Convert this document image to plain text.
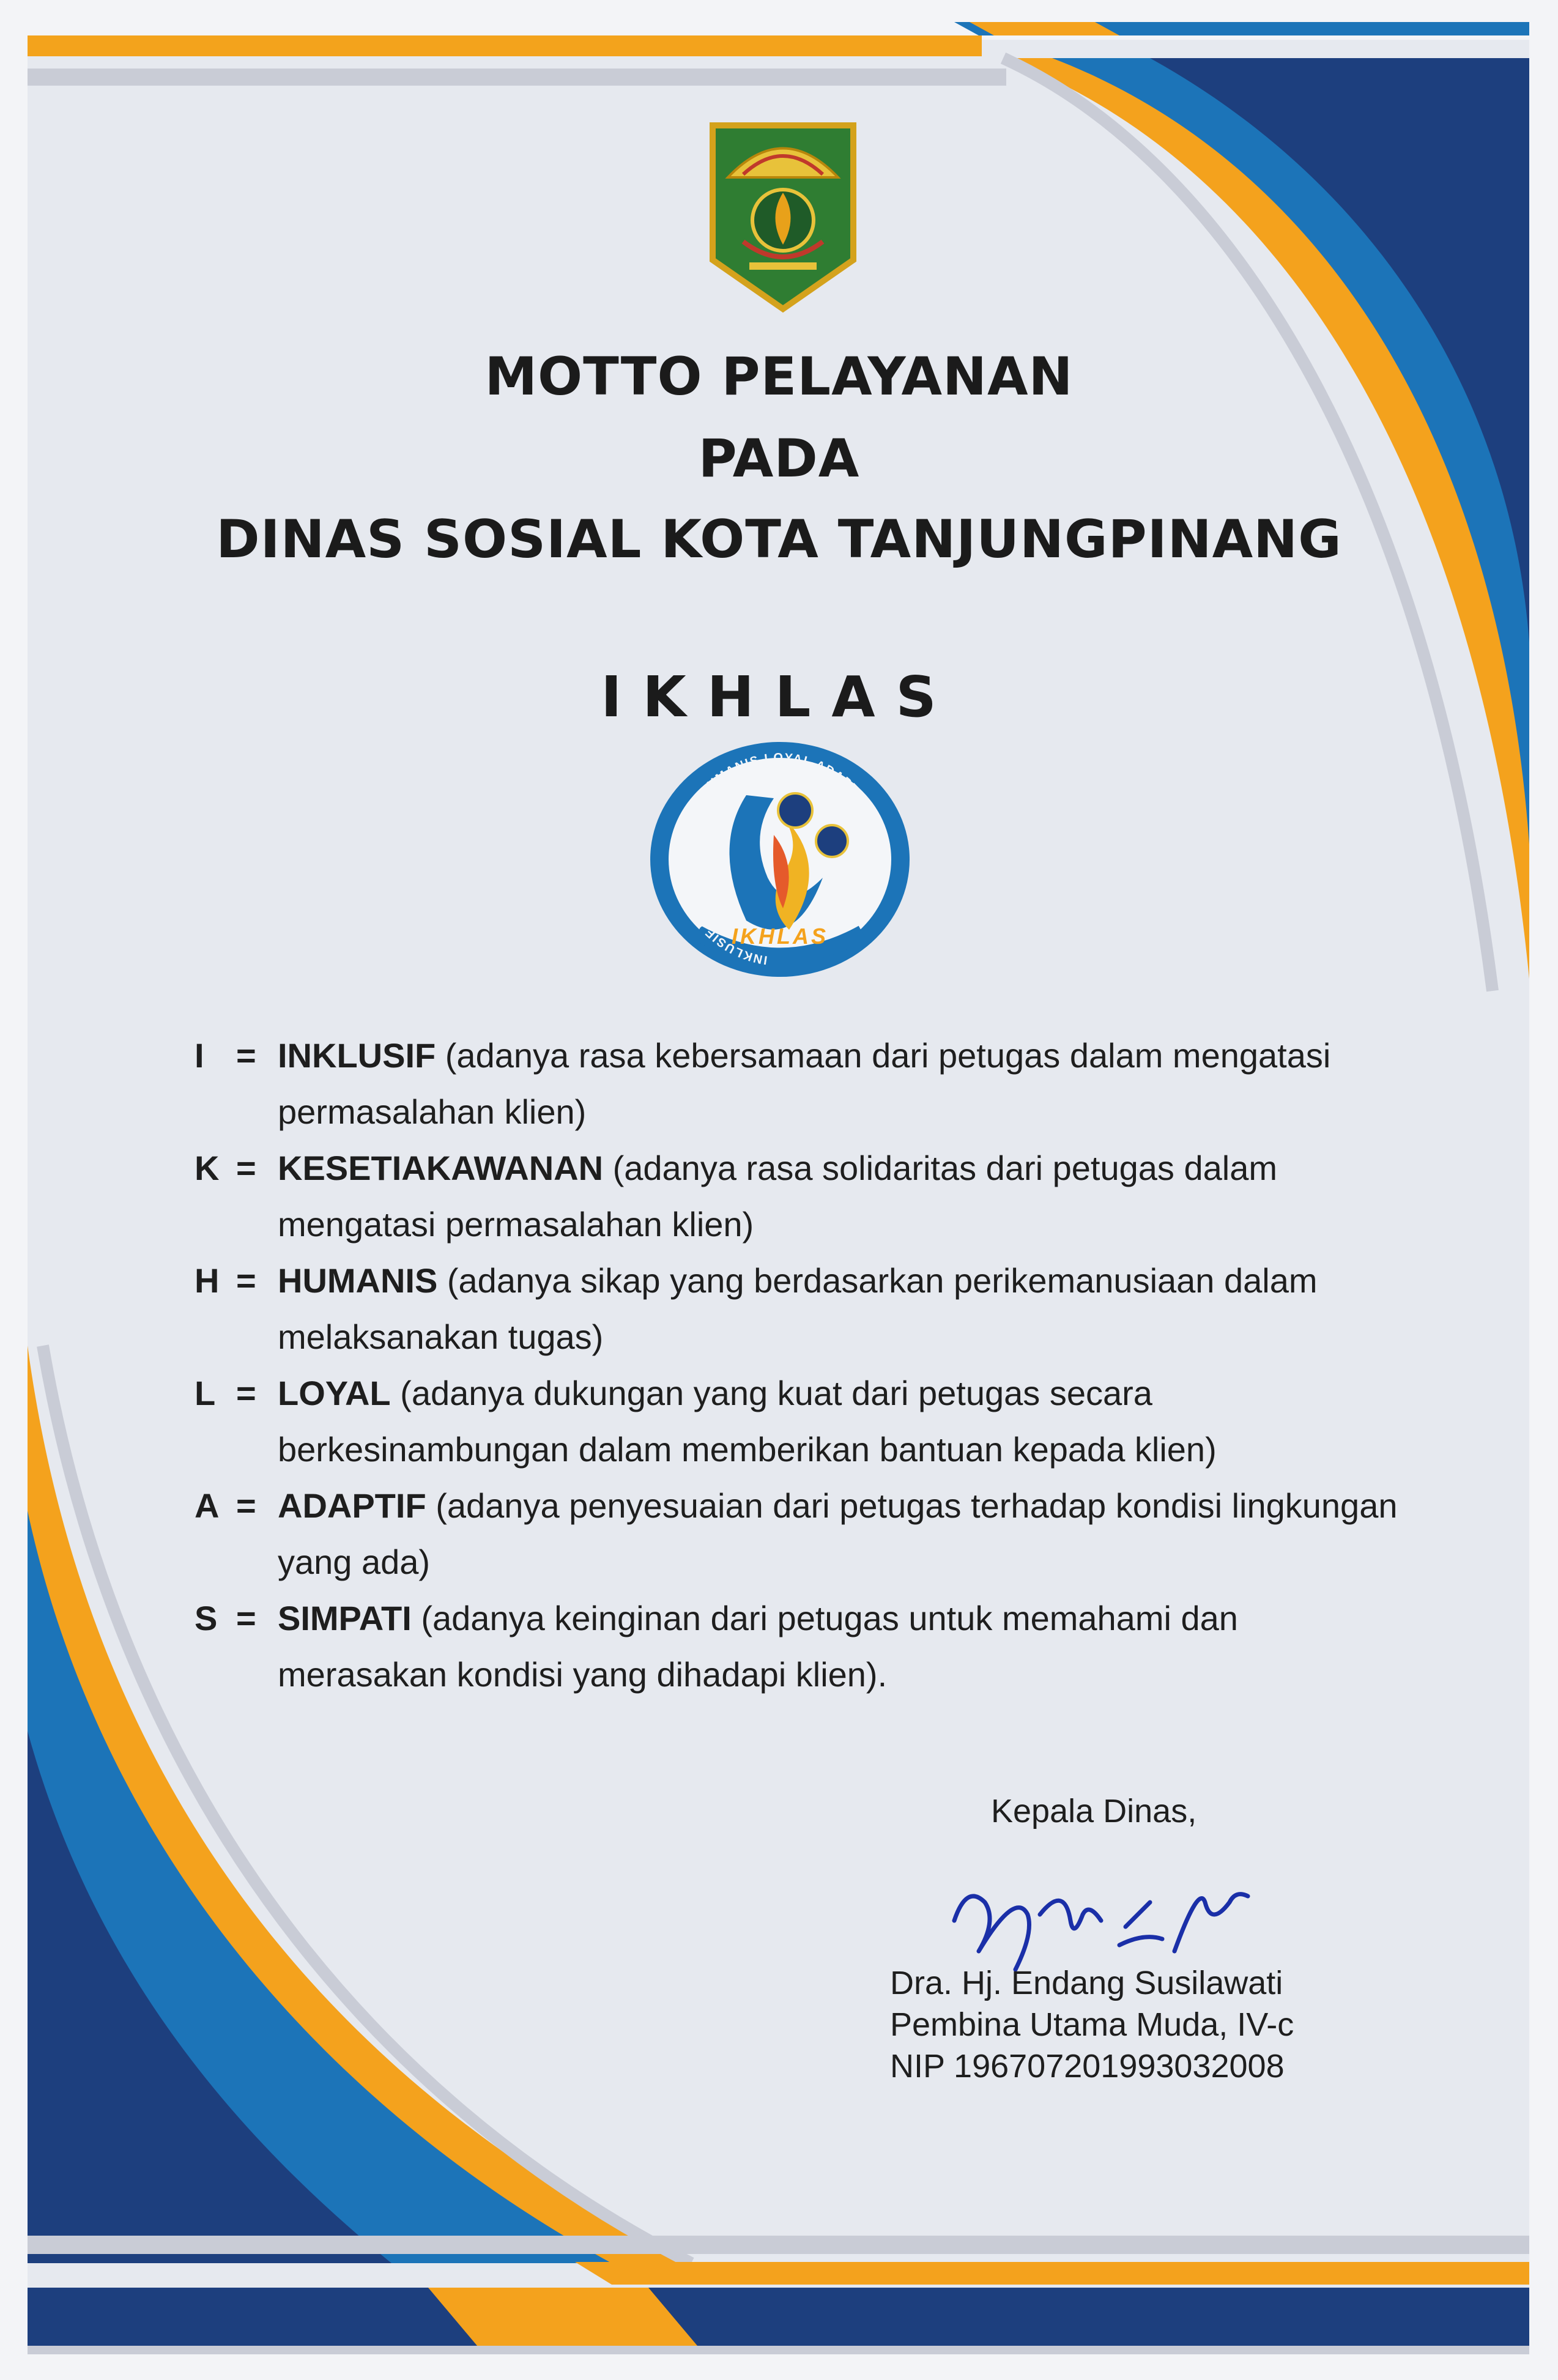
MOTTO PELAYANAN
PADA
DINAS SOSIAL KOTA TANJUNGPINANG
IKHLAS
IKHLAS
INKLUSIF KESETIAKAWANAN HUMANIS LOYAL ADAPTIF SIMPATI
I = INKLUSIF (adanya rasa kebersamaan dari petugas dalam mengatasi permasalahan klien)
K = KESETIAKAWANAN (adanya rasa solidaritas dari petugas dalam mengatasi permasalahan klien)
H = HUMANIS (adanya sikap yang berdasarkan perikemanusiaan dalam melaksanakan tugas)
L = LOYAL (adanya dukungan yang kuat dari petugas secara berkesinambungan dalam memberikan bantuan kepada klien)
A = ADAPTIF (adanya penyesuaian dari petugas terhadap kondisi lingkungan yang ada)
S = SIMPATI (adanya keinginan dari petugas untuk memahami dan merasakan kondisi yang dihadapi klien).
Kepala Dinas,
Dra. Hj. Endang Susilawati
Pembina Utama Muda, IV-c
NIP 196707201993032008
